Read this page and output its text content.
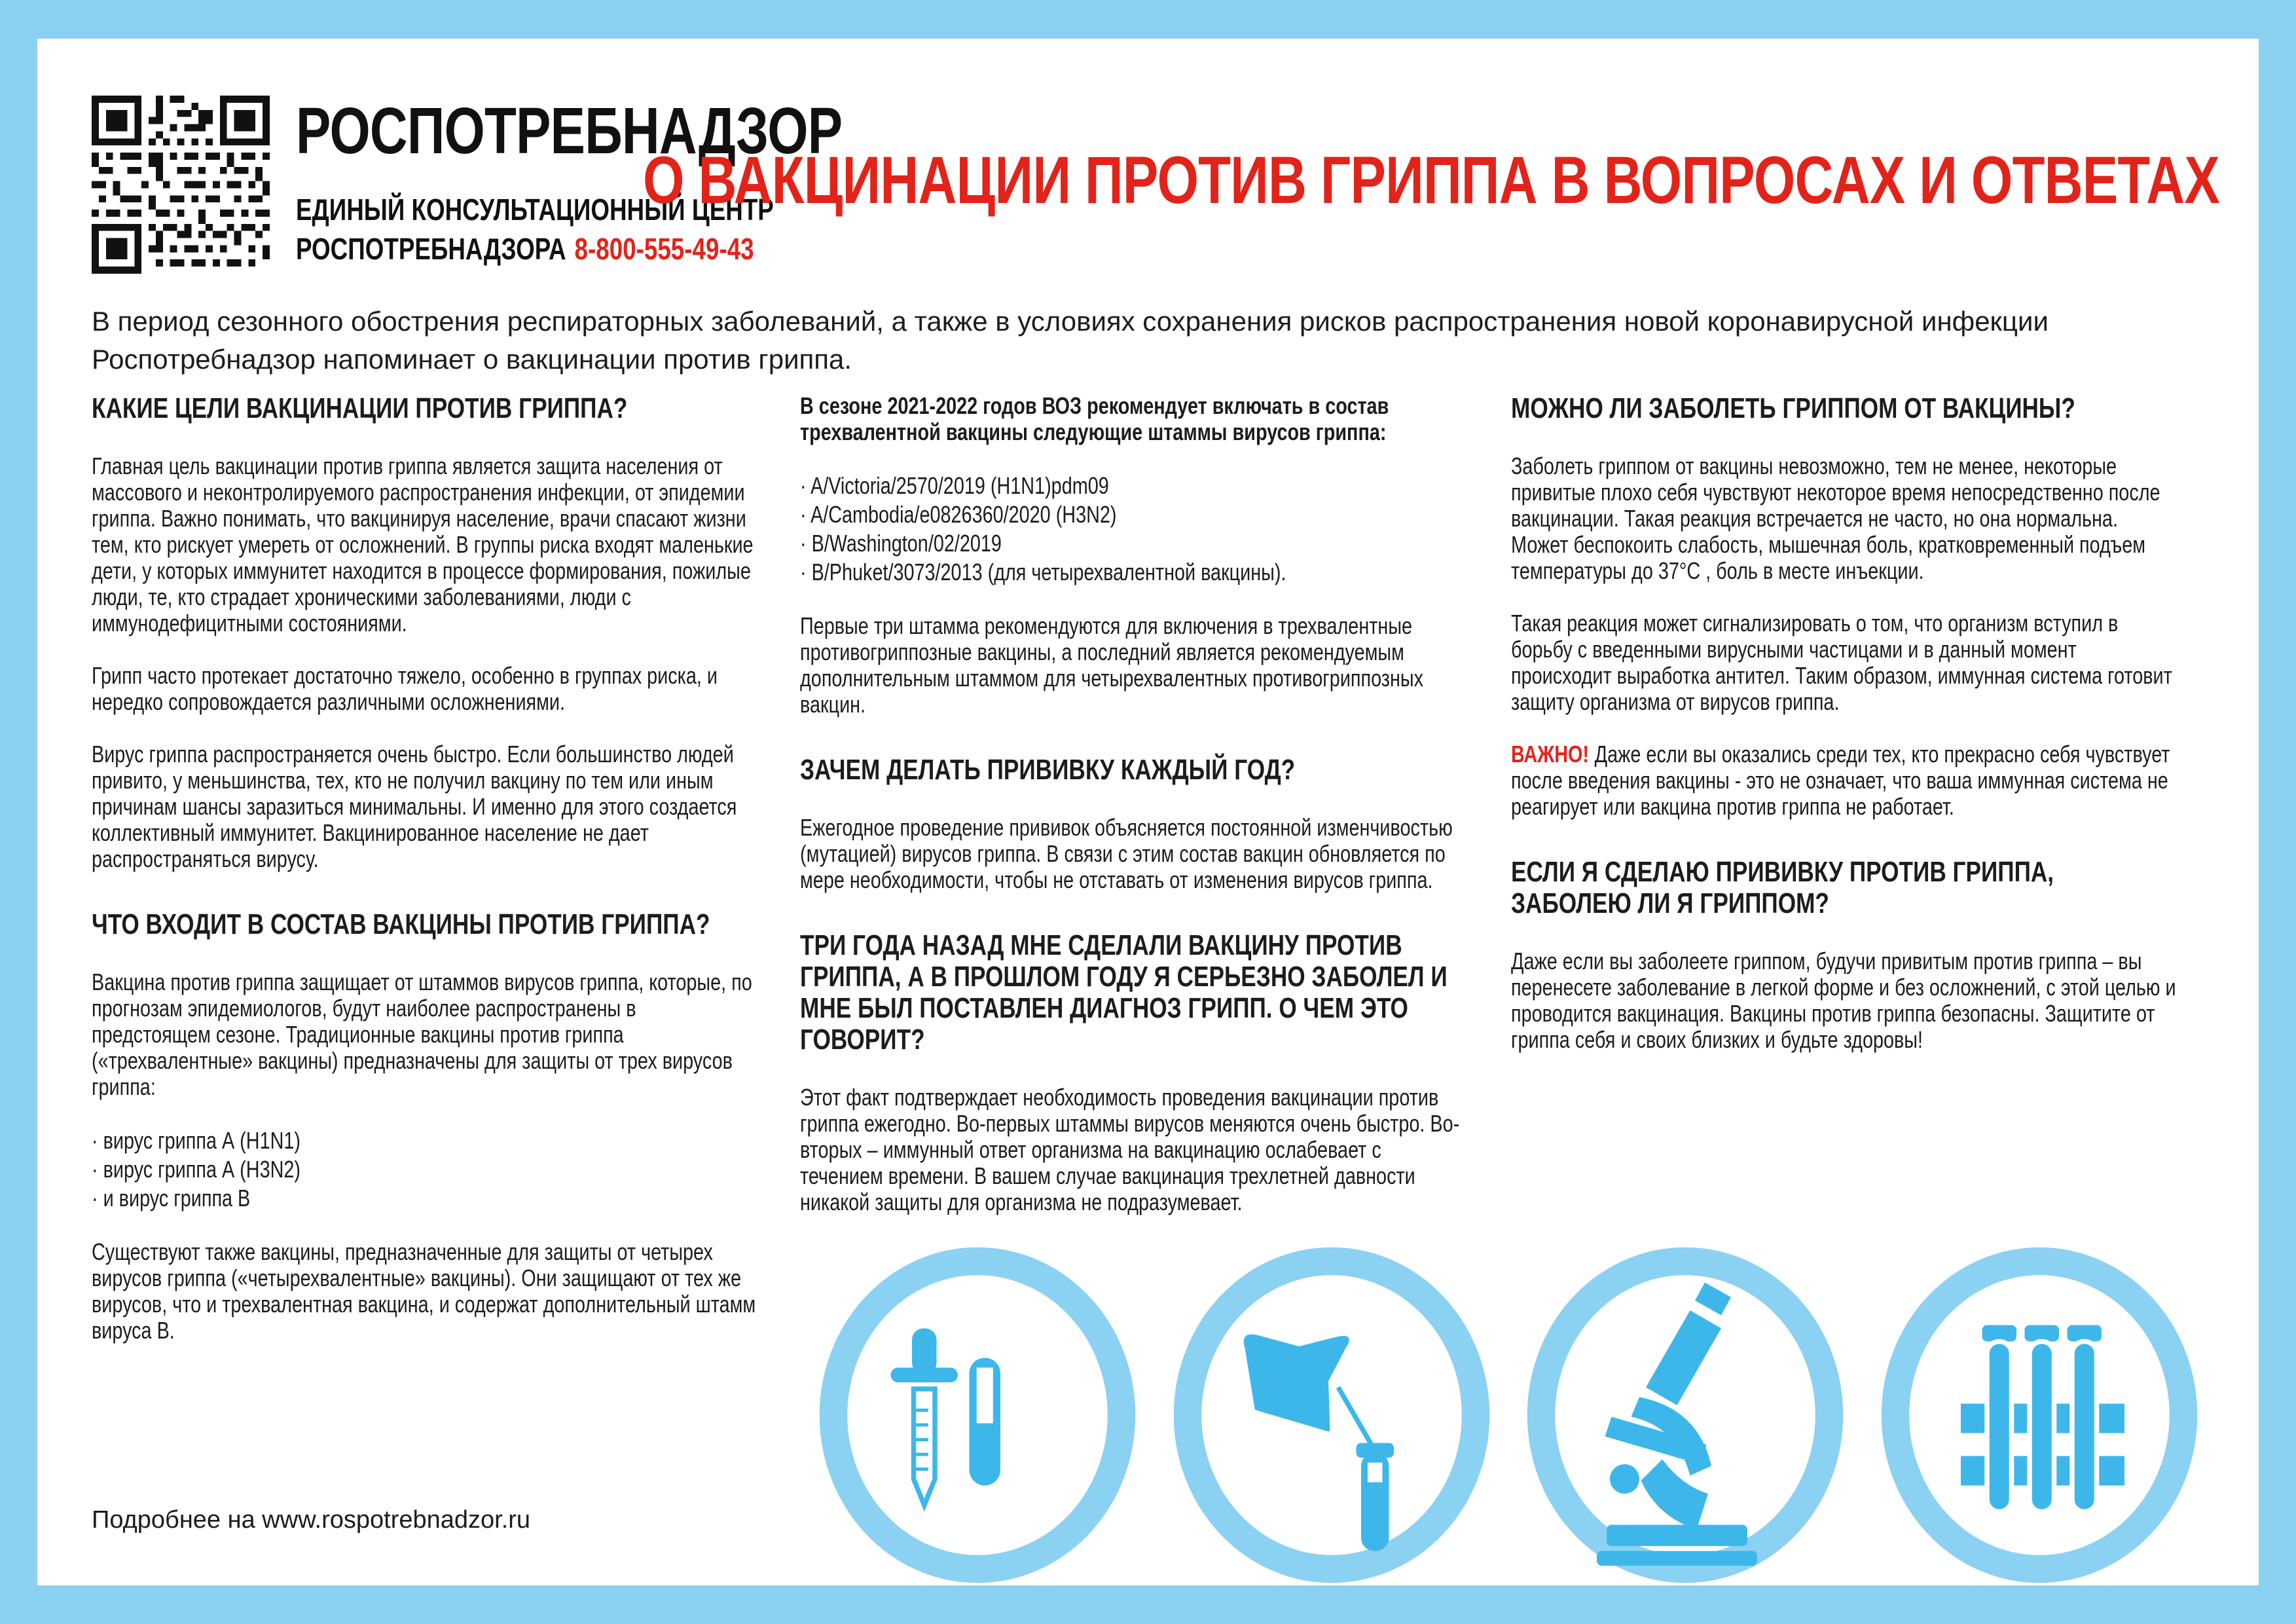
РОСПОТРЕБНАДЗОР
ЕДИНЫЙ КОНСУЛЬТАЦИОННЫЙ ЦЕНТР
РОСПОТРЕБНАДЗОРА 8-800-555-49-43
О ВАКЦИНАЦИИ ПРОТИВ ГРИППА В ВОПРОСАХ И ОТВЕТАХ

В период сезонного обострения респираторных заболеваний, а также в условиях сохранения рисков распространения новой коронавирусной инфекции Роспотребнадзор напоминает о вакцинации против гриппа.

КАКИЕ ЦЕЛИ ВАКЦИНАЦИИ ПРОТИВ ГРИППА?

Главная цель вакцинации против гриппа является защита населения от массового и неконтролируемого распространения инфекции, от эпидемии гриппа. Важно понимать, что вакцинируя население, врачи спасают жизни тем, кто рискует умереть от осложнений. В группы риска входят маленькие дети, у которых иммунитет находится в процессе формирования, пожилые люди, те, кто страдает хроническими заболеваниями, люди с иммунодефицитными состояниями.

Грипп часто протекает достаточно тяжело, особенно в группах риска, и нередко сопровождается различными осложнениями.

Вирус гриппа распространяется очень быстро. Если большинство людей привито, у меньшинства, тех, кто не получил вакцину по тем или иным причинам шансы заразиться минимальны. И именно для этого создается коллективный иммунитет. Вакцинированное население не дает распространяться вирусу.

ЧТО ВХОДИТ В СОСТАВ ВАКЦИНЫ ПРОТИВ ГРИППА?

Вакцина против гриппа защищает от штаммов вирусов гриппа, которые, по прогнозам эпидемиологов, будут наиболее распространены в предстоящем сезоне. Традиционные вакцины против гриппа («трехвалентные» вакцины) предназначены для защиты от трех вирусов гриппа:

· вирус гриппа А (H1N1)
· вирус гриппа А (H3N2)
· и вирус гриппа В

Существуют также вакцины, предназначенные для защиты от четырех вирусов гриппа («четырехвалентные» вакцины). Они защищают от тех же вирусов, что и трехвалентная вакцина, и содержат дополнительный штамм вируса В.

В сезоне 2021-2022 годов ВОЗ рекомендует включать в состав трехвалентной вакцины следующие штаммы вирусов гриппа:

· A/Victoria/2570/2019 (H1N1)pdm09
· A/Cambodia/e0826360/2020 (H3N2)
· B/Washington/02/2019
· B/Phuket/3073/2013 (для четырехвалентной вакцины).

Первые три штамма рекомендуются для включения в трехвалентные противогриппозные вакцины, а последний является рекомендуемым дополнительным штаммом для четырехвалентных противогриппозных вакцин.

ЗАЧЕМ ДЕЛАТЬ ПРИВИВКУ КАЖДЫЙ ГОД?

Ежегодное проведение прививок объясняется постоянной изменчивостью (мутацией) вирусов гриппа. В связи с этим состав вакцин обновляется по мере необходимости, чтобы не отставать от изменения вирусов гриппа.

ТРИ ГОДА НАЗАД МНЕ СДЕЛАЛИ ВАКЦИНУ ПРОТИВ ГРИППА, А В ПРОШЛОМ ГОДУ Я СЕРЬЕЗНО ЗАБОЛЕЛ И МНЕ БЫЛ ПОСТАВЛЕН ДИАГНОЗ ГРИПП. О ЧЕМ ЭТО ГОВОРИТ?

Этот факт подтверждает необходимость проведения вакцинации против гриппа ежегодно. Во-первых штаммы вирусов меняются очень быстро. Во-вторых – иммунный ответ организма на вакцинацию ослабевает с течением времени. В вашем случае вакцинация трехлетней давности никакой защиты для организма не подразумевает.

МОЖНО ЛИ ЗАБОЛЕТЬ ГРИППОМ ОТ ВАКЦИНЫ?

Заболеть гриппом от вакцины невозможно, тем не менее, некоторые привитые плохо себя чувствуют некоторое время непосредственно после вакцинации. Такая реакция встречается не часто, но она нормальна. Может беспокоить слабость, мышечная боль, кратковременный подъем температуры до 37°С , боль в месте инъекции.

Такая реакция может сигнализировать о том, что организм вступил в борьбу с введенными вирусными частицами и в данный момент происходит выработка антител. Таким образом, иммунная система готовит защиту организма от вирусов гриппа.

ВАЖНО! Даже если вы оказались среди тех, кто прекрасно себя чувствует после введения вакцины - это не означает, что ваша иммунная система не реагирует или вакцина против гриппа не работает.

ЕСЛИ Я СДЕЛАЮ ПРИВИВКУ ПРОТИВ ГРИППА, ЗАБОЛЕЮ ЛИ Я ГРИППОМ?

Даже если вы заболеете гриппом, будучи привитым против гриппа – вы перенесете заболевание в легкой форме и без осложнений, с этой целью и проводится вакцинация. Вакцины против гриппа безопасны. Защитите от гриппа себя и своих близких и будьте здоровы!

Подробнее на www.rospotrebnadzor.ru
